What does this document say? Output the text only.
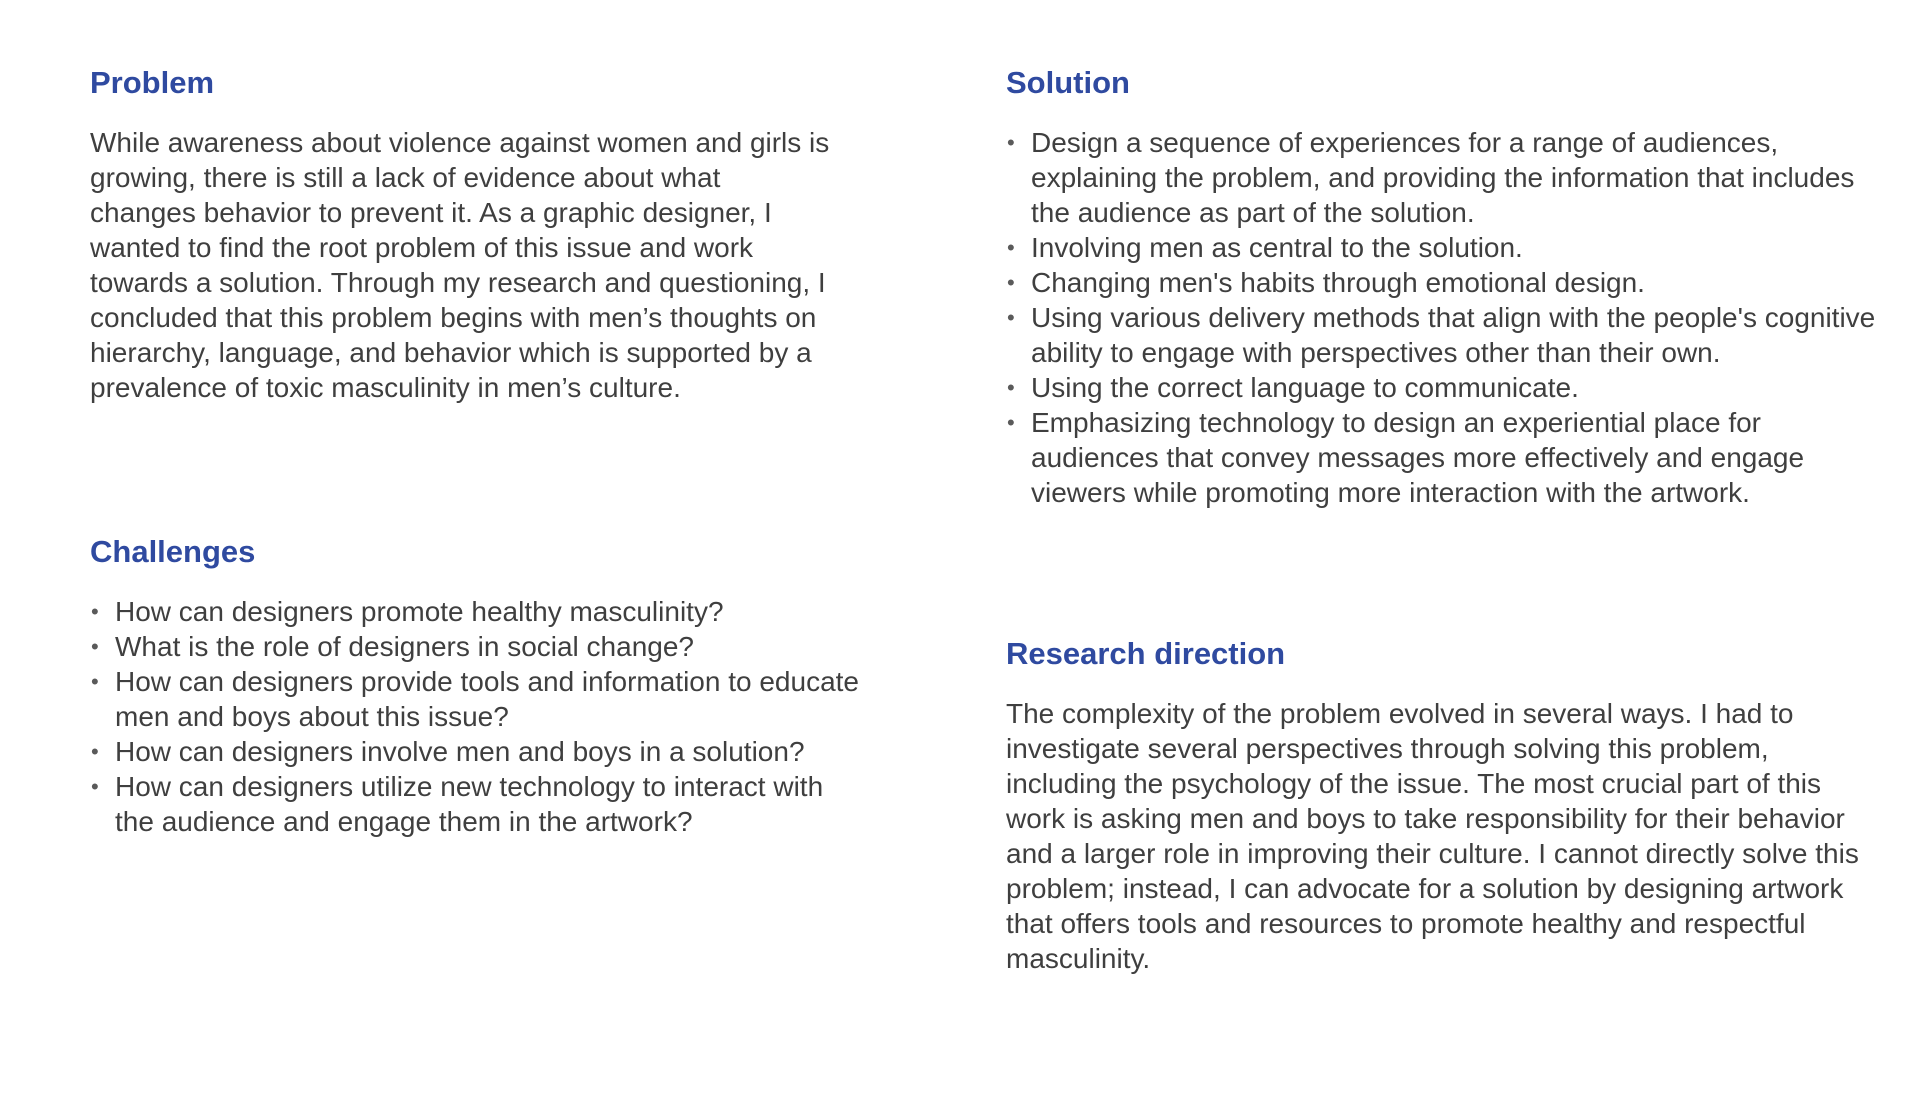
Problem

While awareness about violence against women and girls is growing, there is still a lack of evidence about what changes behavior to prevent it. As a graphic designer, I wanted to find the root problem of this issue and work towards a solution. Through my research and questioning, I concluded that this problem begins with men’s thoughts on hierarchy, language, and behavior which is supported by a prevalence of toxic masculinity in men’s culture.

Challenges
• How can designers promote healthy masculinity?
• What is the role of designers in social change?
• How can designers provide tools and information to educate men and boys about this issue?
• How can designers involve men and boys in a solution?
• How can designers utilize new technology to interact with the audience and engage them in the artwork?
Solution
• Design a sequence of experiences for a range of audiences, explaining the problem, and providing the information that includes the audience as part of the solution.
• Involving men as central to the solution.
• Changing men's habits through emotional design.
• Using various delivery methods that align with the people's cognitive ability to engage with perspectives other than their own.
• Using the correct language to communicate.
• Emphasizing technology to design an experiential place for audiences that convey messages more effectively and engage viewers while promoting more interaction with the artwork.
Research direction

The complexity of the problem evolved in several ways. I had to investigate several perspectives through solving this problem, including the psychology of the issue. The most crucial part of this work is asking men and boys to take responsibility for their behavior and a larger role in improving their culture. I cannot directly solve this problem; instead, I can advocate for a solution by designing artwork that offers tools and resources to promote healthy and respectful masculinity.
